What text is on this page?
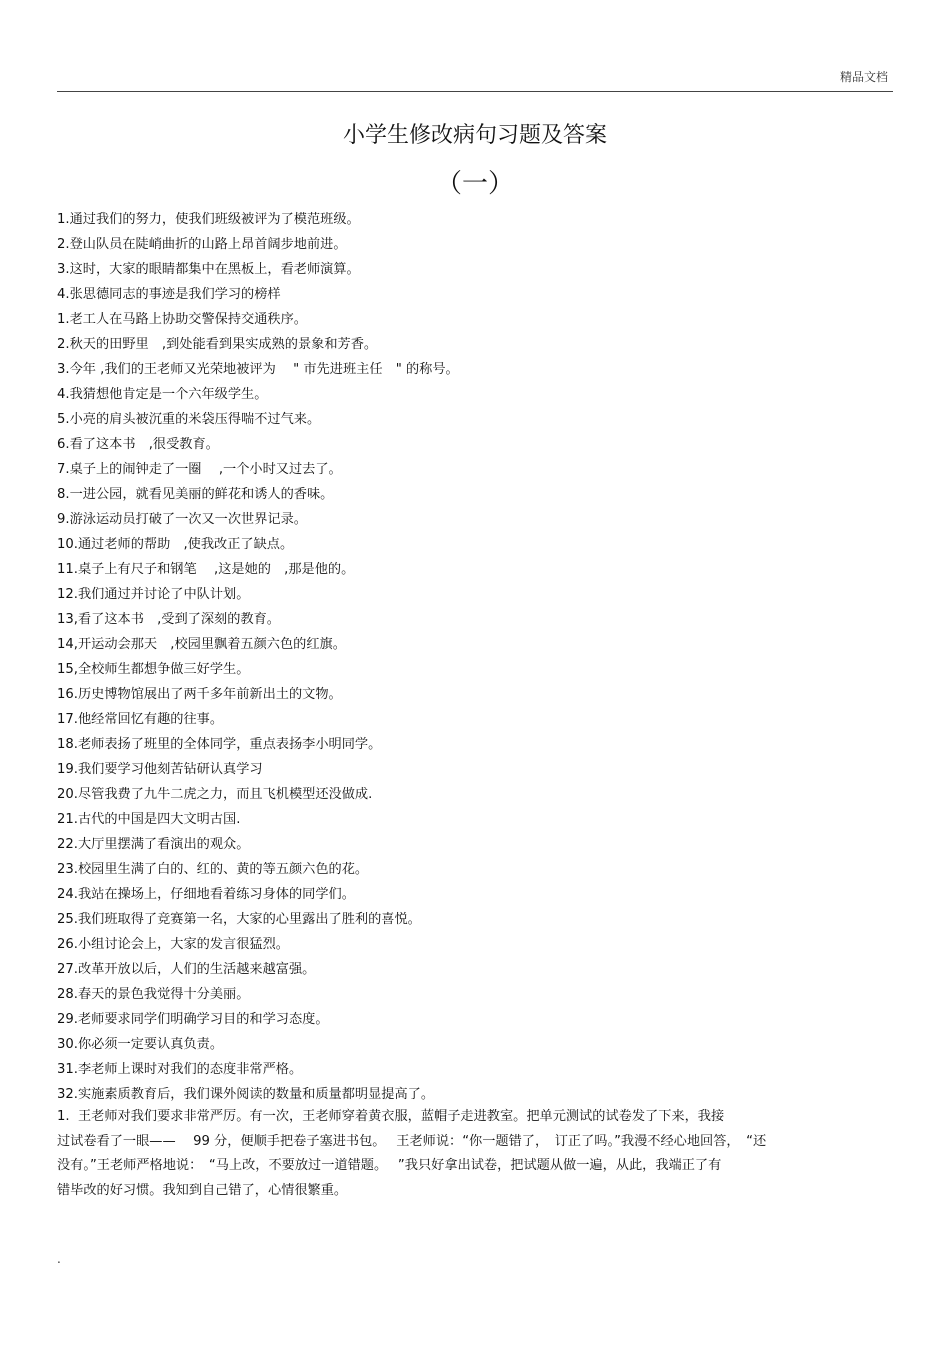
精品文档
小学生修改病句习题及答案
（一）
1.通过我们的努力，使我们班级被评为了模范班级。
2.登山队员在陡峭曲折的山路上昂首阔步地前进。
3.这时，大家的眼睛都集中在黑板上，看老师演算。
4.张思德同志的事迹是我们学习的榜样
1.老工人在马路上协助交警保持交通秩序。
2.秋天的田野里　,到处能看到果实成熟的景象和芳香。
3.今年 ,我们的王老师又光荣地被评为　 " 市先进班主任　" 的称号。
4.我猜想他肯定是一个六年级学生。
5.小亮的肩头被沉重的米袋压得喘不过气来。
6.看了这本书　,很受教育。
7.桌子上的闹钟走了一圈　 ,一个小时又过去了。
8.一进公园，就看见美丽的鲜花和诱人的香味。
9.游泳运动员打破了一次又一次世界记录。
10.通过老师的帮助　,使我改正了缺点。
11.桌子上有尺子和钢笔　 ,这是她的　,那是他的。
12.我们通过并讨论了中队计划。
13,看了这本书　,受到了深刻的教育。
14,开运动会那天　,校园里飘着五颜六色的红旗。
15,全校师生都想争做三好学生。
16.历史博物馆展出了两千多年前新出土的文物。
17.他经常回忆有趣的往事。
18.老师表扬了班里的全体同学，重点表扬李小明同学。
19.我们要学习他刻苦钻研认真学习
20.尽管我费了九牛二虎之力，而且飞机模型还没做成.
21.古代的中国是四大文明古国.
22.大厅里摆满了看演出的观众。
23.校园里生满了白的、红的、黄的等五颜六色的花。
24.我站在操场上，仔细地看着练习身体的同学们。
25.我们班取得了竞赛第一名，大家的心里露出了胜利的喜悦。
26.小组讨论会上，大家的发言很猛烈。
27.改革开放以后，人们的生活越来越富强。
28.春天的景色我觉得十分美丽。
29.老师要求同学们明确学习目的和学习态度。
30.你必须一定要认真负责。
31.李老师上课时对我们的态度非常严格。
32.实施素质教育后，我们课外阅读的数量和质量都明显提高了。
1.  王老师对我们要求非常严厉。有一次，王老师穿着黄衣服，蓝帽子走进教室。把单元测试的试卷发了下来，我接
过试卷看了一眼——　 99 分，便顺手把卷子塞进书包。　 王老师说：“你一题错了，　订正了吗。”我漫不经心地回答，　“还
没有。”王老师严格地说：　“马上改，不要放过一道错题。　 ”我只好拿出试卷，把试题从做一遍，从此，我端正了有
错毕改的好习惯。我知到自己错了，心情很繁重。
.
